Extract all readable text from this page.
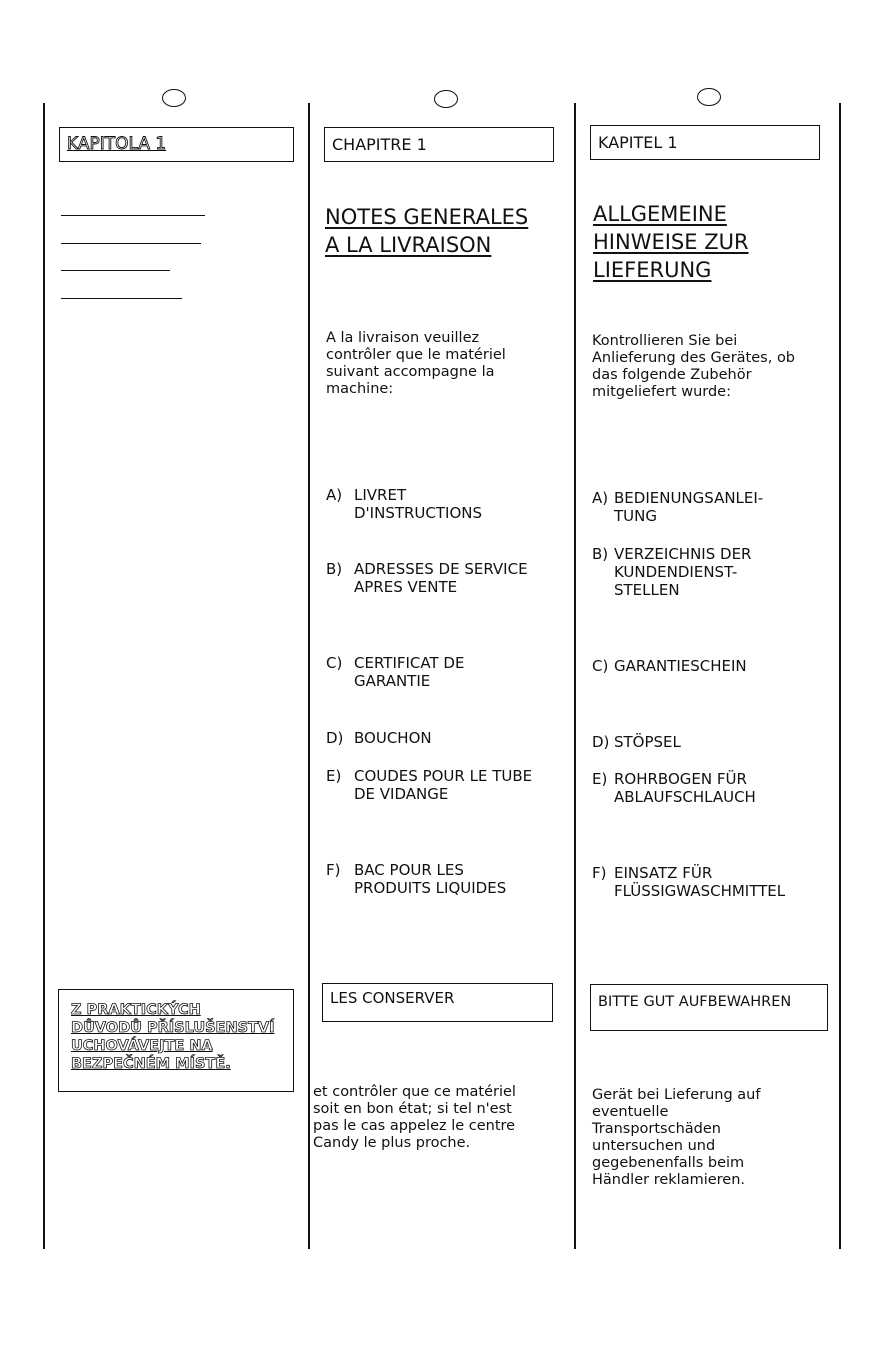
KAPITOLA 1
Z PRAKTICKÝCH
DŮVODŮ PŘÍSLUŠENSTVÍ
UCHOVÁVEJTE NA
BEZPEČNÉM MÍSTĚ.
CHAPITRE 1
NOTES GENERALES
A LA LIVRAISON
A la livraison veuillez
contrôler que le matériel
suivant accompagne la
machine:
A) LIVRET
D'INSTRUCTIONS
B) ADRESSES DE SERVICE
APRES VENTE
C) CERTIFICAT DE
GARANTIE
D) BOUCHON
E) COUDES POUR LE TUBE
DE VIDANGE
F) BAC POUR LES
PRODUITS LIQUIDES
LES CONSERVER
et contrôler que ce matériel
soit en bon état; si tel n'est
pas le cas appelez le centre
Candy le plus proche.
KAPITEL 1
ALLGEMEINE
HINWEISE ZUR
LIEFERUNG
Kontrollieren Sie bei
Anlieferung des Gerätes, ob
das folgende Zubehör
mitgeliefert wurde:
A) BEDIENUNGSANLEI-
TUNG
B) VERZEICHNIS DER
KUNDENDIENST-
STELLEN
C) GARANTIESCHEIN
D) STÖPSEL
E) ROHRBOGEN FÜR
ABLAUFSCHLAUCH
F) EINSATZ FÜR
FLÜSSIGWASCHMITTEL
BITTE GUT AUFBEWAHREN
Gerät bei Lieferung auf
eventuelle
Transportschäden
untersuchen und
gegebenenfalls beim
Händler reklamieren.
